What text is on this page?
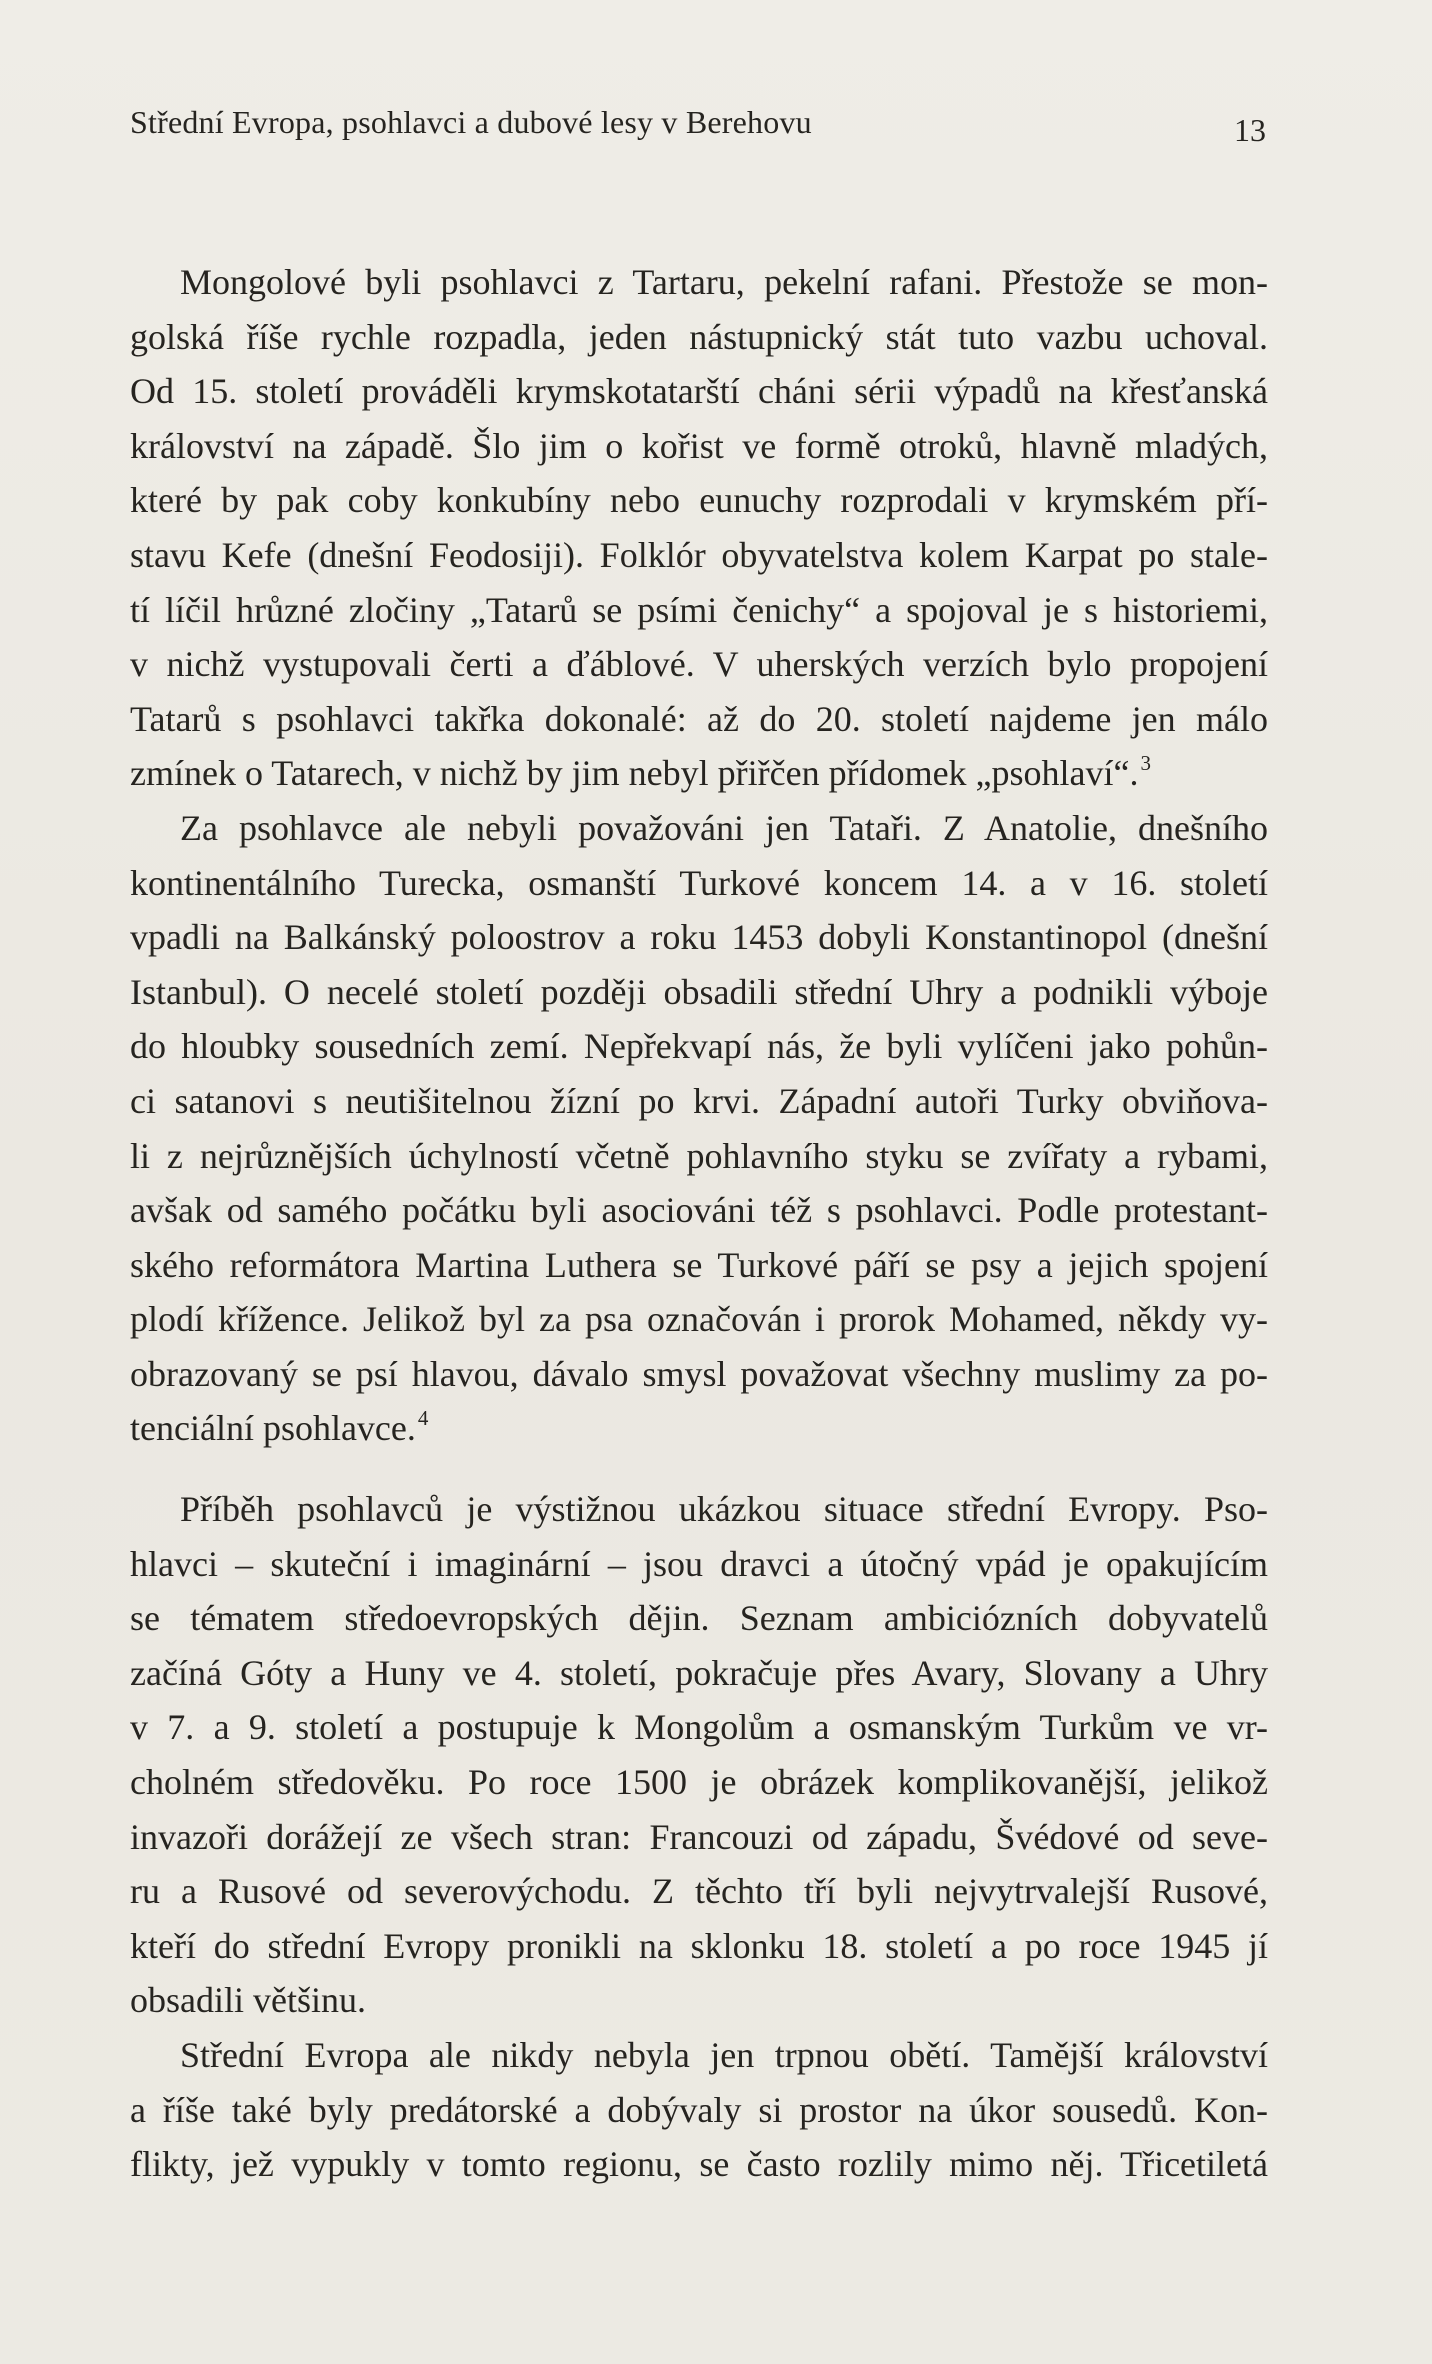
Střední Evropa, psohlavci a dubové lesy v Berehovu	13
Mongolové byli psohlavci z Tartaru, pekelní rafani. Přestože se mon-
golská říše rychle rozpadla, jeden nástupnický stát tuto vazbu uchoval.
Od 15. století prováděli krymskotatarští cháni sérii výpadů na křesťanská
království na západě. Šlo jim o kořist ve formě otroků, hlavně mladých,
které by pak coby konkubíny nebo eunuchy rozprodali v krymském pří-
stavu Kefe (dnešní Feodosiji). Folklór obyvatelstva kolem Karpat po stale-
tí líčil hrůzné zločiny „Tatarů se psími čenichy“ a spojoval je s historiemi,
v nichž vystupovali čerti a ďáblové. V uherských verzích bylo propojení
Tatarů s psohlavci takřka dokonalé: až do 20. století najdeme jen málo
zmínek o Tatarech, v nichž by jim nebyl přiřčen přídomek „psohlaví“.$^3$
Za psohlavce ale nebyli považováni jen Tataři. Z Anatolie, dnešního
kontinentálního Turecka, osmanští Turkové koncem 14. a v 16. století
vpadli na Balkánský poloostrov a roku 1453 dobyli Konstantinopol (dnešní
Istanbul). O necelé století později obsadili střední Uhry a podnikli výboje
do hloubky sousedních zemí. Nepřekvapí nás, že byli vylíčeni jako pohůn-
ci satanovi s neutišitelnou žízní po krvi. Západní autoři Turky obviňova-
li z nejrůznějších úchylností včetně pohlavního styku se zvířaty a rybami,
avšak od samého počátku byli asociováni též s psohlavci. Podle protestant-
ského reformátora Martina Luthera se Turkové páří se psy a jejich spojení
plodí křížence. Jelikož byl za psa označován i prorok Mohamed, někdy vy-
obrazovaný se psí hlavou, dávalo smysl považovat všechny muslimy za po-
tenciální psohlavce.$^4$
Příběh psohlavců je výstižnou ukázkou situace střední Evropy. Pso-
hlavci – skuteční i imaginární – jsou dravci a útočný vpád je opakujícím
se tématem středoevropských dějin. Seznam ambiciózních dobyvatelů
začíná Góty a Huny ve 4. století, pokračuje přes Avary, Slovany a Uhry
v 7. a 9. století a postupuje k Mongolům a osmanským Turkům ve vr-
cholném středověku. Po roce 1500 je obrázek komplikovanější, jelikož
invazoři dorážejí ze všech stran: Francouzi od západu, Švédové od seve-
ru a Rusové od severovýchodu. Z těchto tří byli nejvytrvalejší Rusové,
kteří do střední Evropy pronikli na sklonku 18. století a po roce 1945 jí
obsadili většinu.
Střední Evropa ale nikdy nebyla jen trpnou obětí. Tamější království
a říše také byly predátorské a dobývaly si prostor na úkor sousedů. Kon-
flikty, jež vypukly v tomto regionu, se často rozlily mimo něj. Třicetiletá
